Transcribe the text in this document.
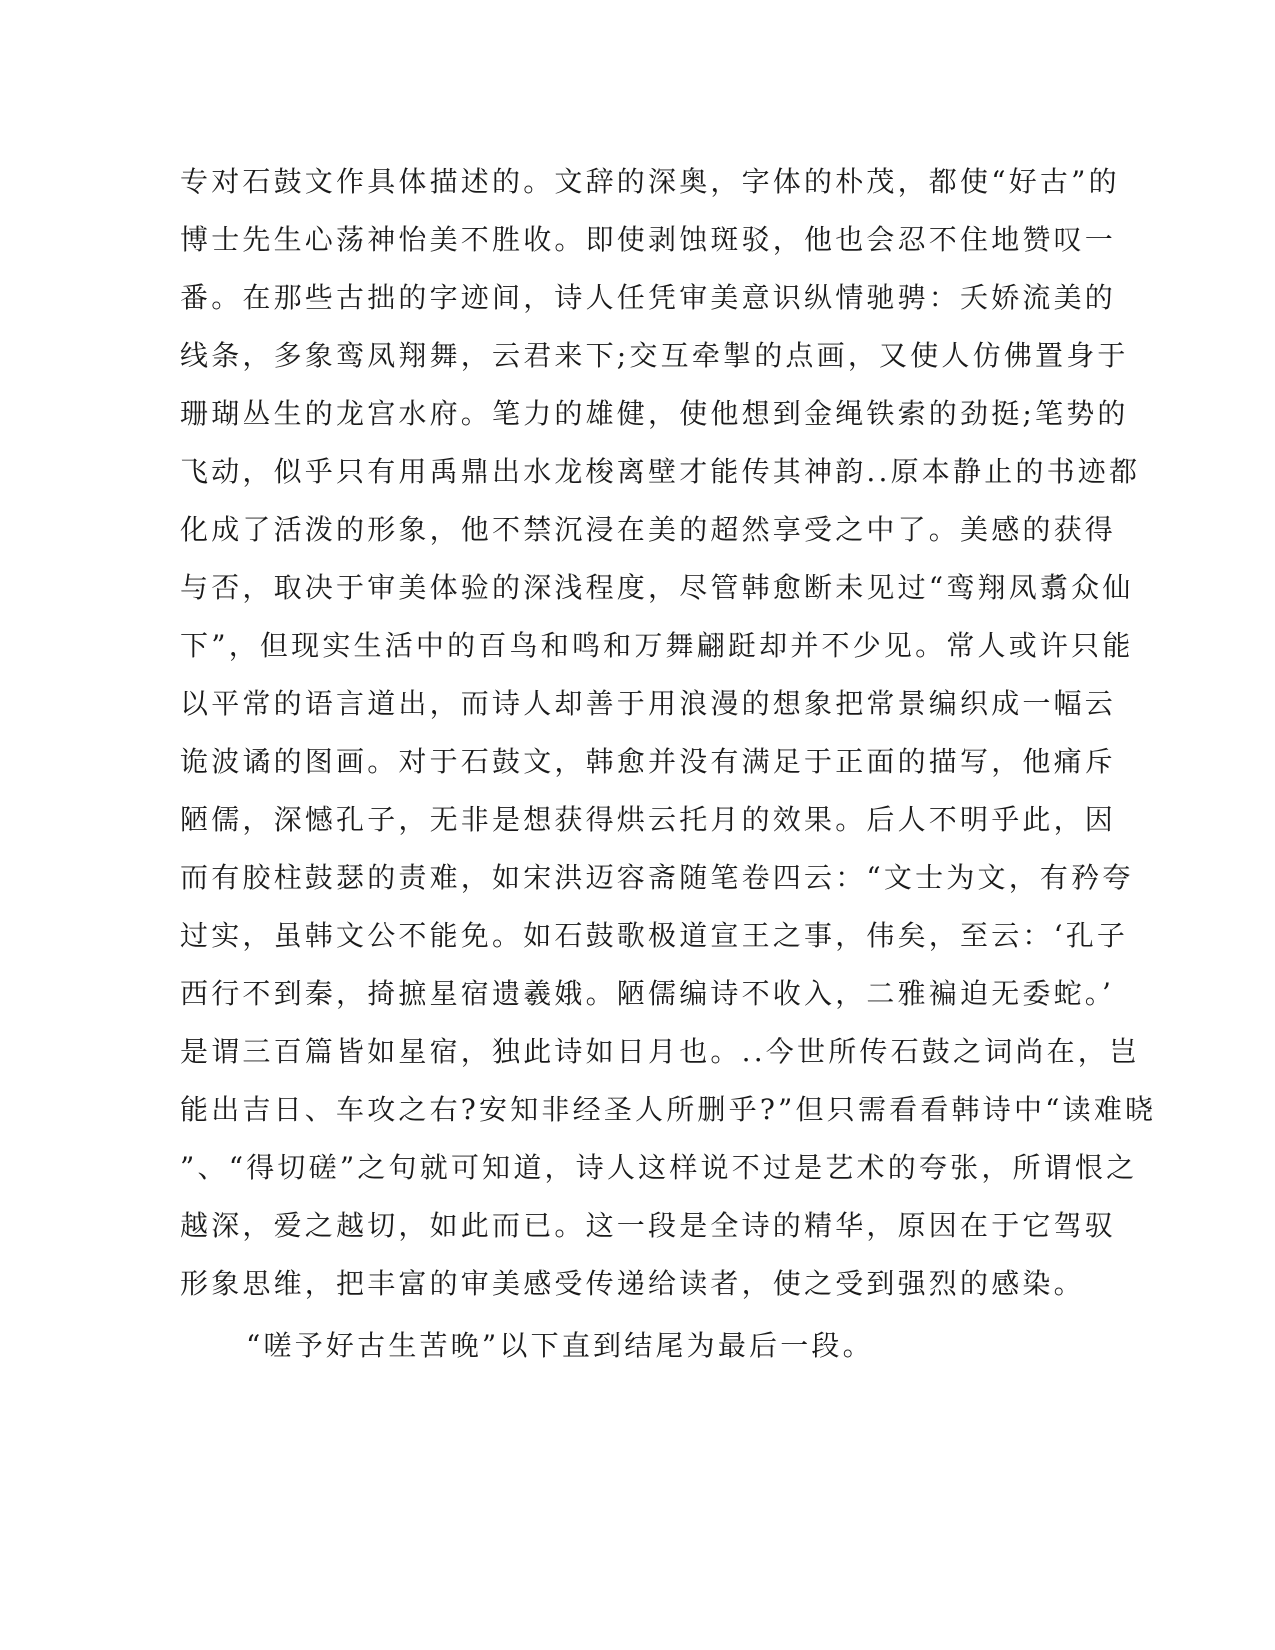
专对石鼓文作具体描述的。文辞的深奥，字体的朴茂，都使“好古”的
博士先生心荡神怡美不胜收。即使剥蚀斑驳，他也会忍不住地赞叹一
番。在那些古拙的字迹间，诗人任凭审美意识纵情驰骋：夭娇流美的
线条，多象鸾凤翔舞，云君来下;交互牵掣的点画，又使人仿佛置身于
珊瑚丛生的龙宫水府。笔力的雄健，使他想到金绳铁索的劲挺;笔势的
飞动，似乎只有用禹鼎出水龙梭离壁才能传其神韵..原本静止的书迹都
化成了活泼的形象，他不禁沉浸在美的超然享受之中了。美感的获得
与否，取决于审美体验的深浅程度，尽管韩愈断未见过“鸾翔凤翥众仙
下”，但现实生活中的百鸟和鸣和万舞翩跹却并不少见。常人或许只能
以平常的语言道出，而诗人却善于用浪漫的想象把常景编织成一幅云
诡波谲的图画。对于石鼓文，韩愈并没有满足于正面的描写，他痛斥
陋儒，深憾孔子，无非是想获得烘云托月的效果。后人不明乎此，因
而有胶柱鼓瑟的责难，如宋洪迈容斋随笔卷四云：“文士为文，有矜夸
过实，虽韩文公不能免。如石鼓歌极道宣王之事，伟矣，至云：‘孔子
西行不到秦，掎摭星宿遗羲娥。陋儒编诗不收入，二雅褊迫无委蛇。’
是谓三百篇皆如星宿，独此诗如日月也。..今世所传石鼓之词尚在，岂
能出吉日、车攻之右?安知非经圣人所删乎?”但只需看看韩诗中“读难晓
”、“得切磋”之句就可知道，诗人这样说不过是艺术的夸张，所谓恨之
越深，爱之越切，如此而已。这一段是全诗的精华，原因在于它驾驭
形象思维，把丰富的审美感受传递给读者，使之受到强烈的感染。
“嗟予好古生苦晚”以下直到结尾为最后一段。
